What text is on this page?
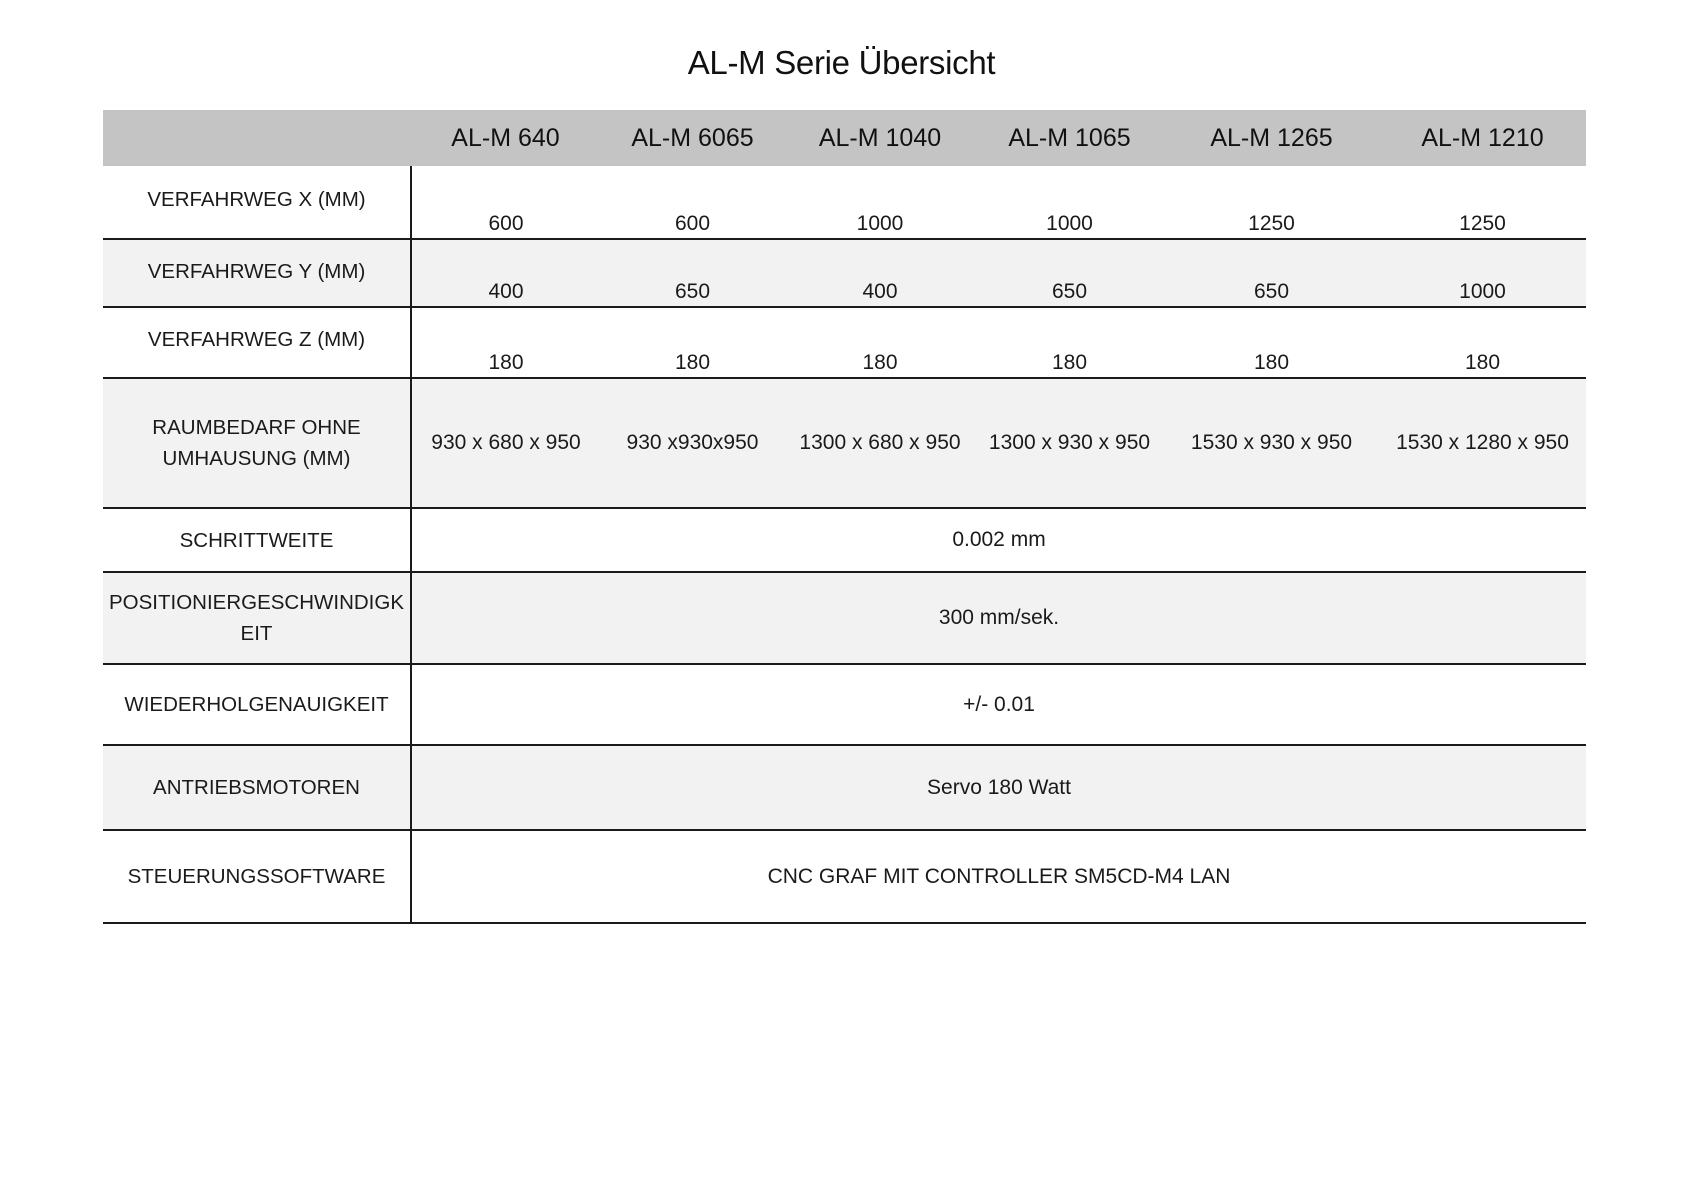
AL-M Serie Übersicht
	AL-M 640	AL-M 6065	AL-M 1040	AL-M 1065	AL-M 1265	AL-M 1210
VERFAHRWEG X (MM)	600	600	1000	1000	1250	1250
VERFAHRWEG Y (MM)	400	650	400	650	650	1000
VERFAHRWEG Z (MM)	180	180	180	180	180	180
RAUMBEDARF OHNE UMHAUSUNG (MM)	930 x 680 x 950	930 x930x950	1300 x 680 x 950	1300 x 930 x 950	1530 x 930 x 950	1530 x 1280 x 950
SCHRITTWEITE	0.002 mm					
POSITIONIERGESCHWINDIGKEIT	300 mm/sek.					
WIEDERHOLGENAUIGKEIT	+/- 0.01					
ANTRIEBSMOTOREN	Servo 180 Watt					
STEUERUNGSSOFTWARE	CNC GRAF MIT CONTROLLER SM5CD-M4 LAN					
